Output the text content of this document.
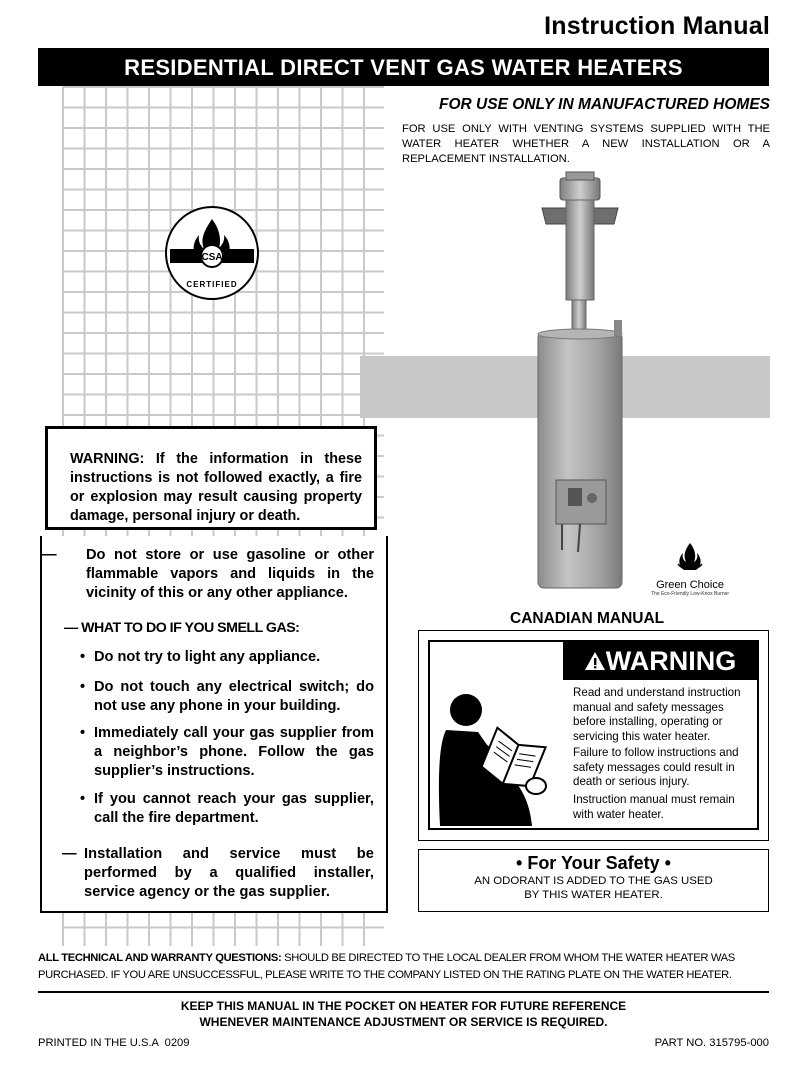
Instruction Manual
RESIDENTIAL DIRECT VENT GAS WATER HEATERS
FOR USE ONLY IN MANUFACTURED HOMES
FOR USE ONLY WITH VENTING SYSTEMS SUPPLIED WITH THE WATER HEATER WHETHER A NEW INSTALLATION OR A REPLACEMENT INSTALLATION.
CSA
CERTIFIED
Green Choice
The Eco-Friendly Low-Knox Burner
— Do not store or use gasoline or other flammable vapors and liquids in the vicinity of this or any other appliance.
— WHAT TO DO IF YOU SMELL GAS:
• Do not try to light any appliance.
• Do not touch any electrical switch; do not use any phone in your building.
• Immediately call your gas supplier from a neighbor’s phone. Follow the gas supplier’s instructions.
• If you cannot reach your gas supplier, call the fire department.
— Installation and service must be performed by a qualified installer, service agency or the gas supplier.
WARNING: If the information in these instructions is not followed exactly, a fire or explosion may result causing property damage, personal injury or death.
CANADIAN MANUAL
WARNING
Read and understand instruction manual and safety messages before installing, operating or servicing this water heater.
Failure to follow instructions and safety messages could result in death or serious injury.
Instruction manual must remain with water heater.
• For Your Safety •
AN ODORANT IS ADDED TO THE GAS USED
BY THIS WATER HEATER.
ALL TECHNICAL AND WARRANTY QUESTIONS: SHOULD BE DIRECTED TO THE LOCAL DEALER FROM WHOM THE WATER HEATER WAS PURCHASED. IF YOU ARE UNSUCCESSFUL, PLEASE WRITE TO THE COMPANY LISTED ON THE RATING PLATE ON THE WATER HEATER.
KEEP THIS MANUAL IN THE POCKET ON HEATER FOR FUTURE REFERENCE
WHENEVER MAINTENANCE ADJUSTMENT OR SERVICE IS REQUIRED.
PRINTED IN THE U.S.A  0209	PART NO. 315795-000
